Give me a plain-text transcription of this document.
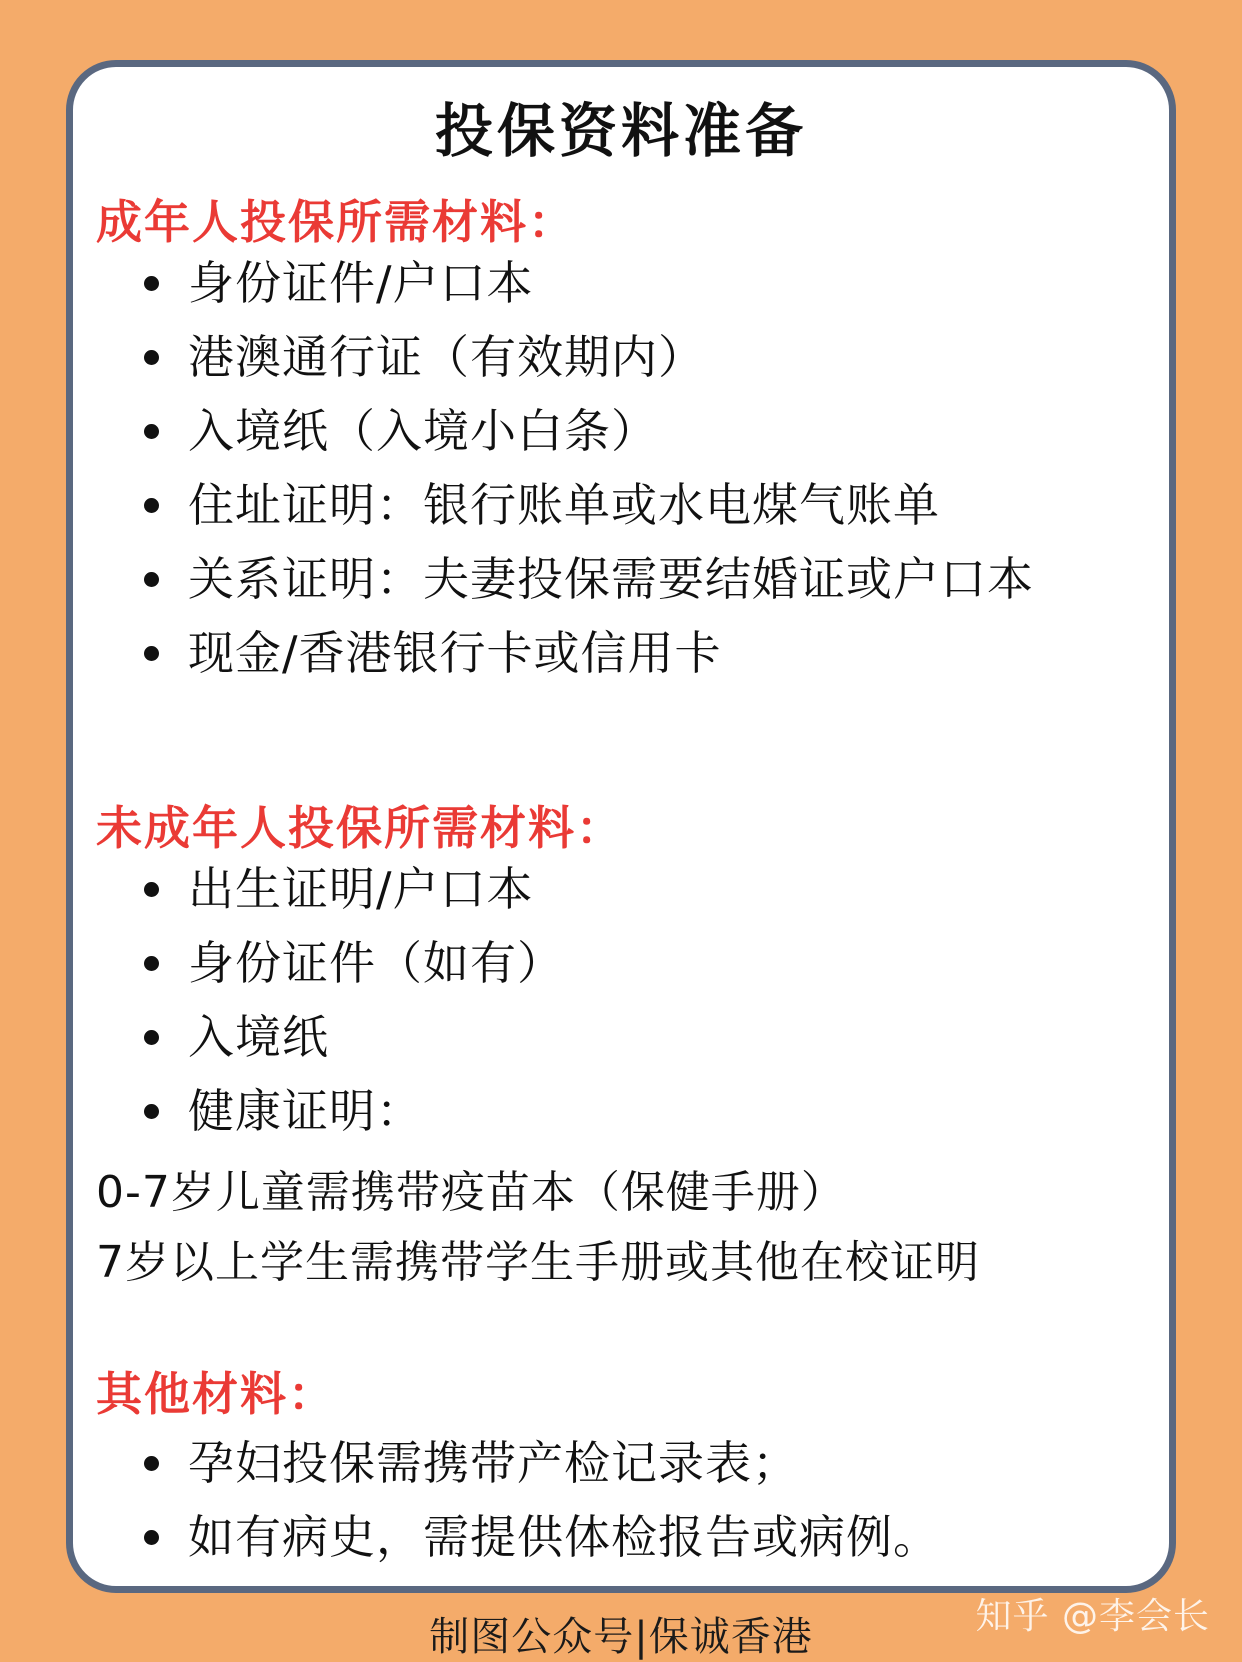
投保资料准备
成年人投保所需材料：
身份证件/户口本
港澳通行证（有效期内）
入境纸（入境小白条）
住址证明：银行账单或水电煤气账单
关系证明：夫妻投保需要结婚证或户口本
现金/香港银行卡或信用卡
未成年人投保所需材料：
出生证明/户口本
身份证件（如有）
入境纸
健康证明：
0-7岁儿童需携带疫苗本（保健手册）
7岁以上学生需携带学生手册或其他在校证明
其他材料：
孕妇投保需携带产检记录表；
如有病史，需提供体检报告或病例。
制图公众号|保诚香港	知乎 @李会长
